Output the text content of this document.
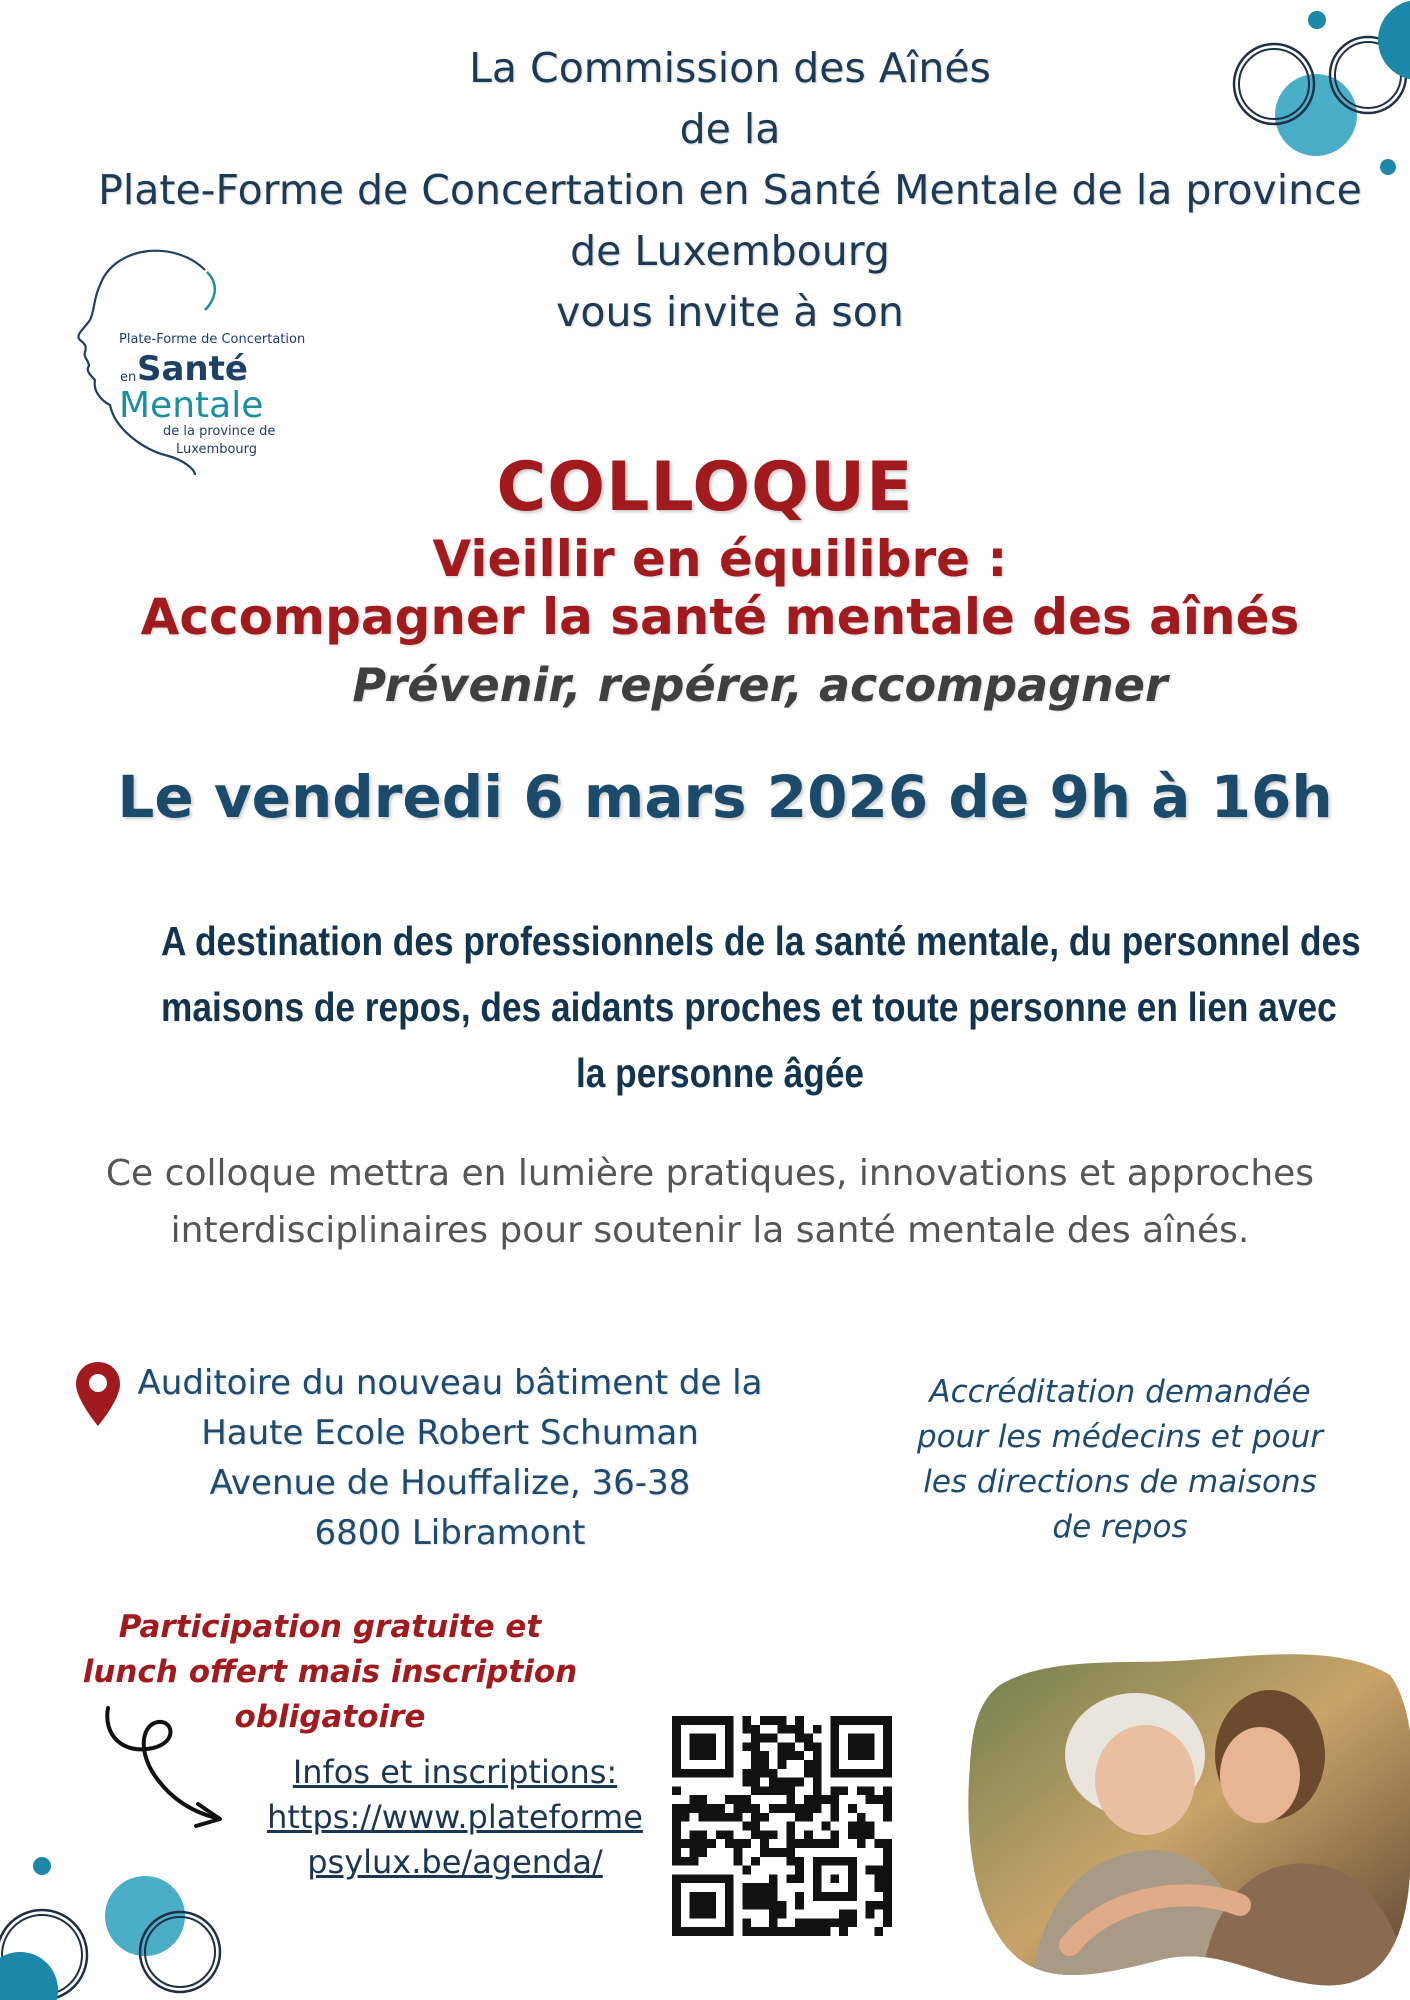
La Commission des Aînés
de la
Plate-Forme de Concertation en Santé Mentale de la province
de Luxembourg
vous invite à son
Plate-Forme de Concertation
en Santé
Mentale
de la province de
Luxembourg	COLLOQUE
Vieillir en équilibre :
Accompagner la santé mentale des aînés
Prévenir, repérer, accompagner
Le vendredi 6 mars 2026 de 9h à 16h
A destination des professionnels de la santé mentale, du personnel des
maisons de repos, des aidants proches et toute personne en lien avec
la personne âgée
Ce colloque mettra en lumière pratiques, innovations et approches
interdisciplinaires pour soutenir la santé mentale des aînés.
Auditoire du nouveau bâtiment de la
Haute Ecole Robert Schuman
Avenue de Houffalize, 36-38
6800 Libramont
Accréditation demandée
pour les médecins et pour
les directions de maisons
de repos
Participation gratuite et
lunch offert mais inscription
obligatoire
Infos et inscriptions:
https://www.plateforme
psylux.be/agenda/
